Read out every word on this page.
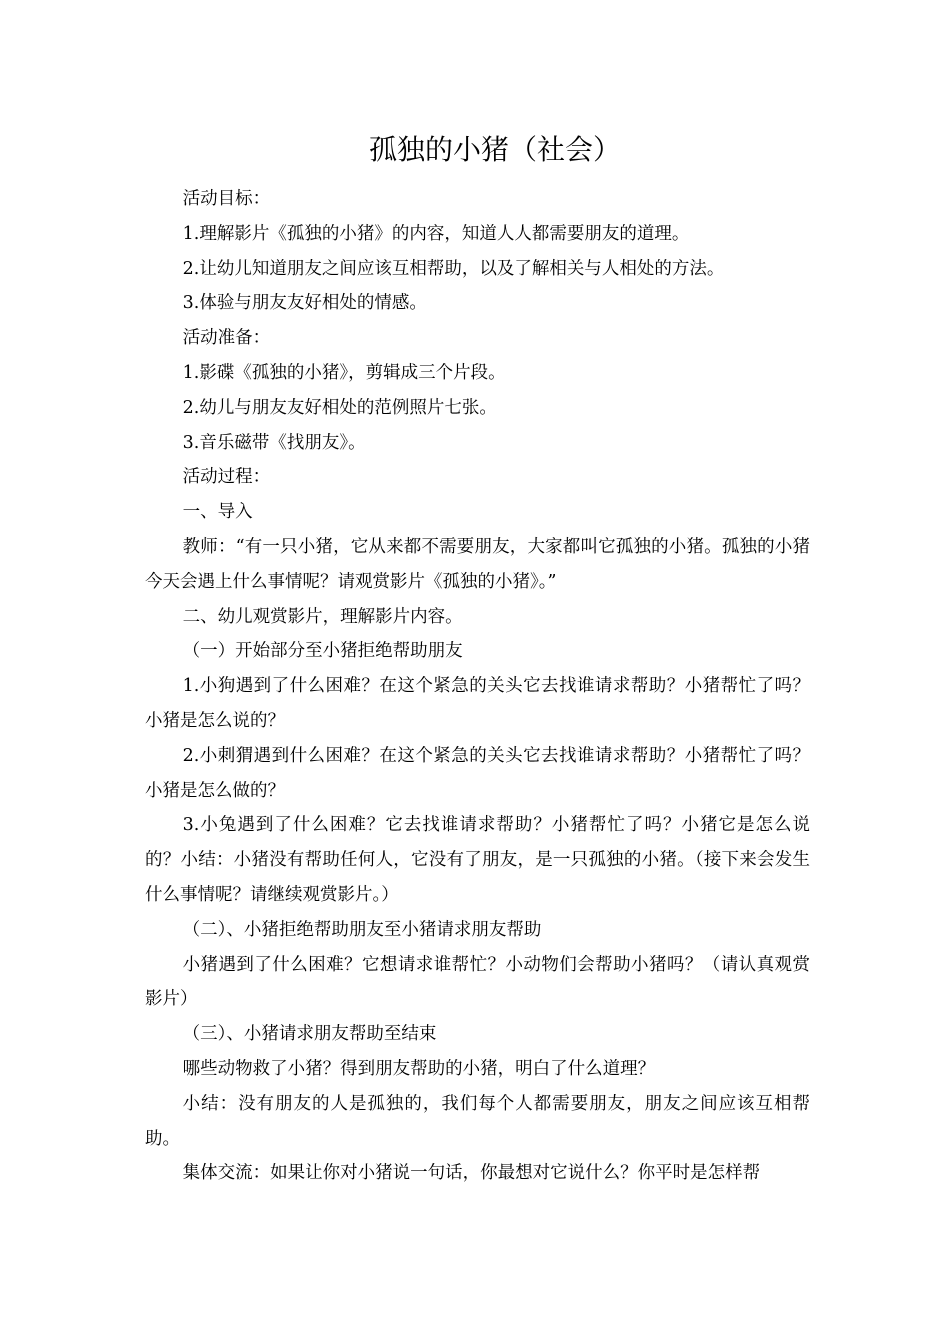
孤独的小猪（社会）

活动目标：

1.理解影片《孤独的小猪》的内容，知道人人都需要朋友的道理。

2.让幼儿知道朋友之间应该互相帮助，以及了解相关与人相处的方法。

3.体验与朋友友好相处的情感。

活动准备：

1.影碟《孤独的小猪》，剪辑成三个片段。

2.幼儿与朋友友好相处的范例照片七张。

3.音乐磁带《找朋友》。

活动过程：

一、导入

教师：“有一只小猪，它从来都不需要朋友，大家都叫它孤独的小猪。孤独的小猪今天会遇上什么事情呢？请观赏影片《孤独的小猪》。”

二、幼儿观赏影片，理解影片内容。

（一）开始部分至小猪拒绝帮助朋友

1.小狗遇到了什么困难？在这个紧急的关头它去找谁请求帮助？小猪帮忙了吗？小猪是怎么说的？

2.小刺猬遇到什么困难？在这个紧急的关头它去找谁请求帮助？小猪帮忙了吗？小猪是怎么做的？

3.小兔遇到了什么困难？它去找谁请求帮助？小猪帮忙了吗？小猪它是怎么说的？小结：小猪没有帮助任何人，它没有了朋友，是一只孤独的小猪。（接下来会发生什么事情呢？请继续观赏影片。）

（二）、小猪拒绝帮助朋友至小猪请求朋友帮助

小猪遇到了什么困难？它想请求谁帮忙？小动物们会帮助小猪吗？（请认真观赏影片）

（三）、小猪请求朋友帮助至结束

哪些动物救了小猪？得到朋友帮助的小猪，明白了什么道理？

小结：没有朋友的人是孤独的，我们每个人都需要朋友，朋友之间应该互相帮助。

集体交流：如果让你对小猪说一句话，你最想对它说什么？你平时是怎样帮
